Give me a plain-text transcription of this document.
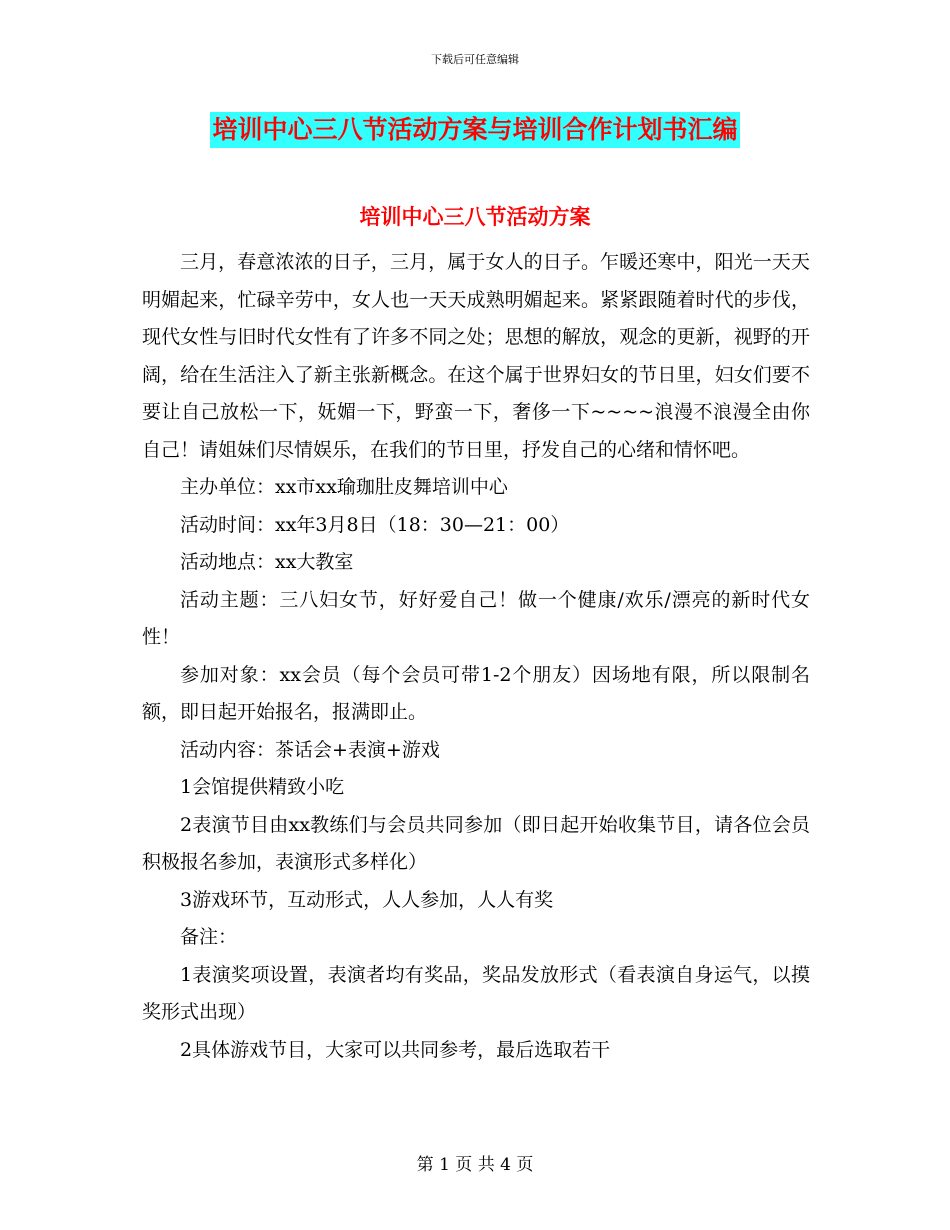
下载后可任意编辑
培训中心三八节活动方案与培训合作计划书汇编
培训中心三八节活动方案

三月，春意浓浓的日子，三月，属于女人的日子。乍暖还寒中，阳光一天天明媚起来，忙碌辛劳中，女人也一天天成熟明媚起来。紧紧跟随着时代的步伐，现代女性与旧时代女性有了许多不同之处；思想的解放，观念的更新，视野的开阔，给在生活注入了新主张新概念。在这个属于世界妇女的节日里，妇女们要不要让自己放松一下，妩媚一下，野蛮一下，奢侈一下~~~~浪漫不浪漫全由你自己！请姐妹们尽情娱乐，在我们的节日里，抒发自己的心绪和情怀吧。

主办单位：xx市xx瑜珈肚皮舞培训中心

活动时间：xx年3月8日（18：30—21：00）

活动地点：xx大教室

活动主题：三八妇女节，好好爱自己！做一个健康/欢乐/漂亮的新时代女性！

参加对象：xx会员（每个会员可带1-2个朋友）因场地有限，所以限制名额，即日起开始报名，报满即止。

活动内容：茶话会+表演+游戏

1会馆提供精致小吃

2表演节目由xx教练们与会员共同参加（即日起开始收集节目，请各位会员积极报名参加，表演形式多样化）

3游戏环节，互动形式，人人参加，人人有奖

备注：

1表演奖项设置，表演者均有奖品，奖品发放形式（看表演自身运气，以摸奖形式出现）

2具体游戏节目，大家可以共同参考，最后选取若干

第 1 页 共 4 页
